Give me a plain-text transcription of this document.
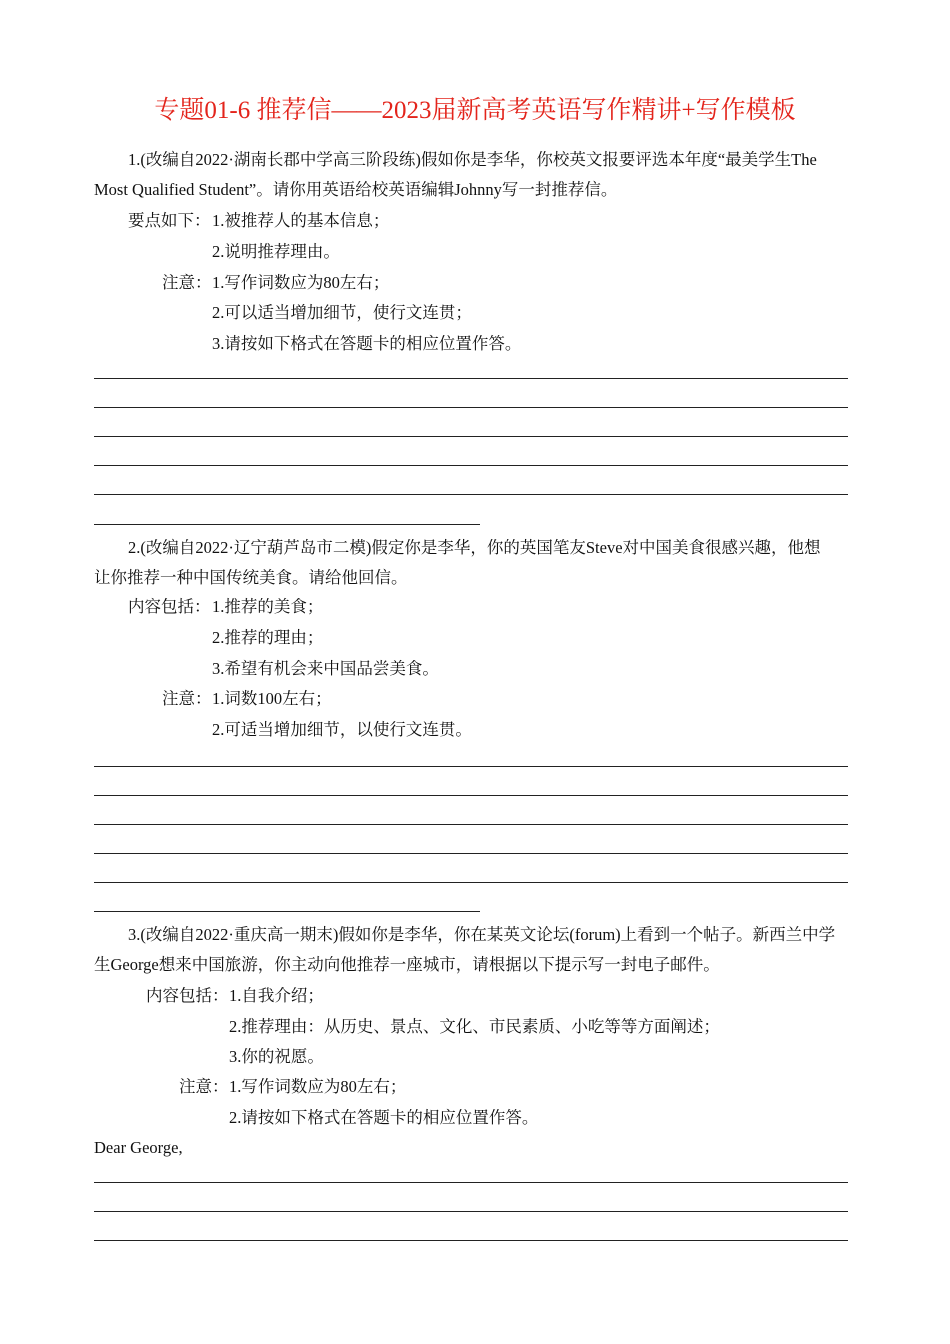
专题01-6 推荐信——2023届新高考英语写作精讲+写作模板
1.(改编自2022·湖南长郡中学高三阶段练)假如你是李华，你校英文报要评选本年度“最美学生The
Most Qualified Student”。请你用英语给校英语编辑Johnny写一封推荐信。
要点如下： 1.被推荐人的基本信息；
2.说明推荐理由。
注意： 1.写作词数应为80左右；
2.可以适当增加细节，使行文连贯；
3.请按如下格式在答题卡的相应位置作答。
2.(改编自2022·辽宁葫芦岛市二模)假定你是李华，你的英国笔友Steve对中国美食很感兴趣，他想
让你推荐一种中国传统美食。请给他回信。
内容包括： 1.推荐的美食；
2.推荐的理由；
3.希望有机会来中国品尝美食。
注意： 1.词数100左右；
2.可适当增加细节，以使行文连贯。
3.(改编自2022·重庆高一期末)假如你是李华，你在某英文论坛(forum)上看到一个帖子。新西兰中学
生George想来中国旅游，你主动向他推荐一座城市，请根据以下提示写一封电子邮件。
内容包括： 1.自我介绍；
2.推荐理由：从历史、景点、文化、市民素质、小吃等等方面阐述；
3.你的祝愿。
注意： 1.写作词数应为80左右；
2.请按如下格式在答题卡的相应位置作答。
Dear George,
